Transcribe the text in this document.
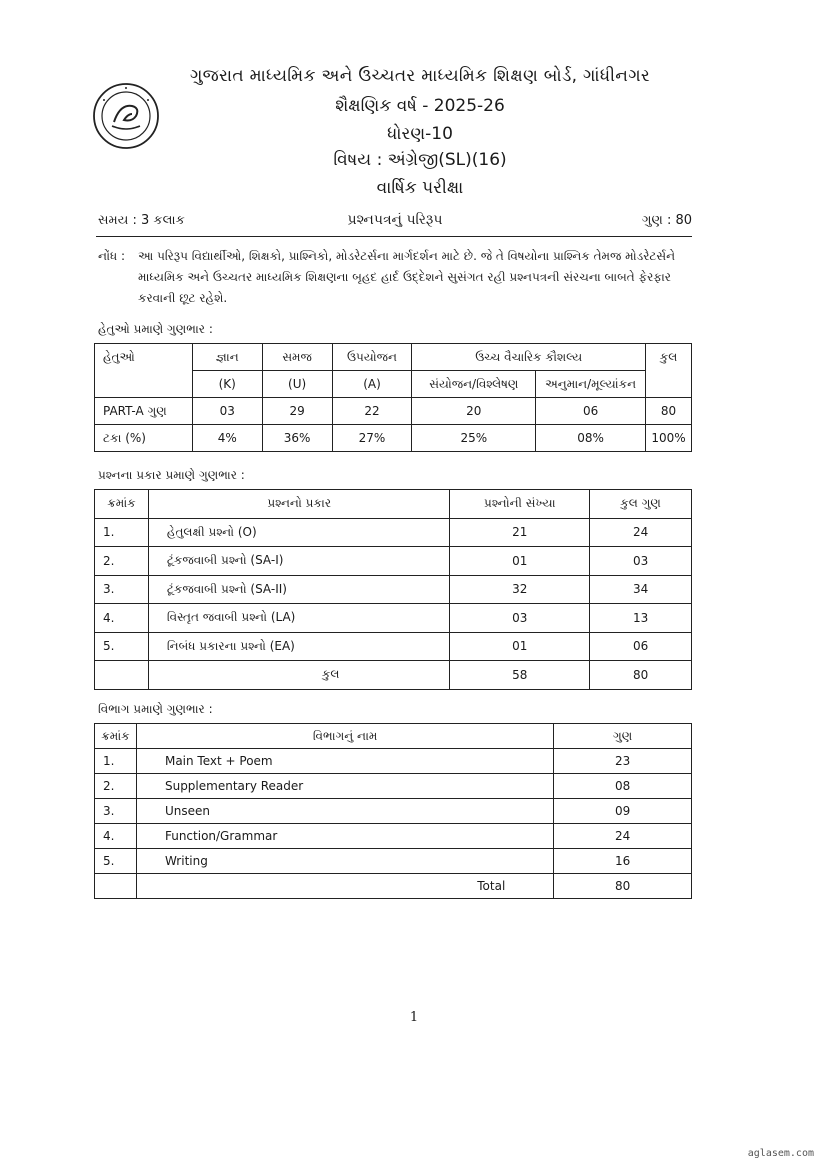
ગુજરાત માધ્યમિક અને ઉચ્ચતર માધ્યમિક શિક્ષણ બોર્ડ, ગાંધીનગર
શૈક્ષણિક વર્ષ - 2025-26
ધોરણ-10
વિષય : અંગ્રેજી(SL)(16)
વાર્ષિક પરીક્ષા
પ્રશ્નપત્રનું પરિરૂપ
સમય : 3 કલાક	ગુણ : 80
નોંધ :	આ પરિરૂપ વિદ્યાર્થીઓ, શિક્ષકો, પ્રાશ્નિકો, મોડરેટર્સના માર્ગદર્શન માટે છે. જે તે વિષયોના પ્રાશ્નિક તેમજ મોડરેટર્સને માધ્યમિક અને ઉચ્ચતર માધ્યમિક શિક્ષણના બૃહદ હાર્દ ઉદ્દેશને સુસંગત રહી પ્રશ્નપત્રની સંરચના બાબતે ફેરફાર કરવાની છૂટ રહેશે.
હેતુઓ પ્રમાણે ગુણભાર :
હેતુઓ	જ્ઞાન	સમજ	ઉપયોજન	ઉચ્ચ વૈચારિક કૌશલ્ય		કુલ
	(K)	(U)	(A)	સંયોજન/વિશ્લેષણ	અનુમાન/મૂલ્યાંકન	
PART-A ગુણ	03	29	22	20	06	80
ટકા (%)	4%	36%	27%	25%	08%	100%
પ્રશ્નના પ્રકાર પ્રમાણે ગુણભાર :
ક્રમાંક	પ્રશ્નનો પ્રકાર	પ્રશ્નોની સંખ્યા	કુલ ગુણ
1.	હેતુલક્ષી પ્રશ્નો (O)	21	24
2.	ટૂંકજવાબી પ્રશ્નો (SA-I)	01	03
3.	ટૂંકજવાબી પ્રશ્નો (SA-II)	32	34
4.	વિસ્તૃત જવાબી પ્રશ્નો (LA)	03	13
5.	નિબંધ પ્રકારના પ્રશ્નો (EA)	01	06
	કુલ	58	80
વિભાગ પ્રમાણે ગુણભાર :
ક્રમાંક	વિભાગનું નામ	ગુણ
1.	Main Text + Poem	23
2.	Supplementary Reader	08
3.	Unseen	09
4.	Function/Grammar	24
5.	Writing	16
	Total	80
1
aglasem.com
